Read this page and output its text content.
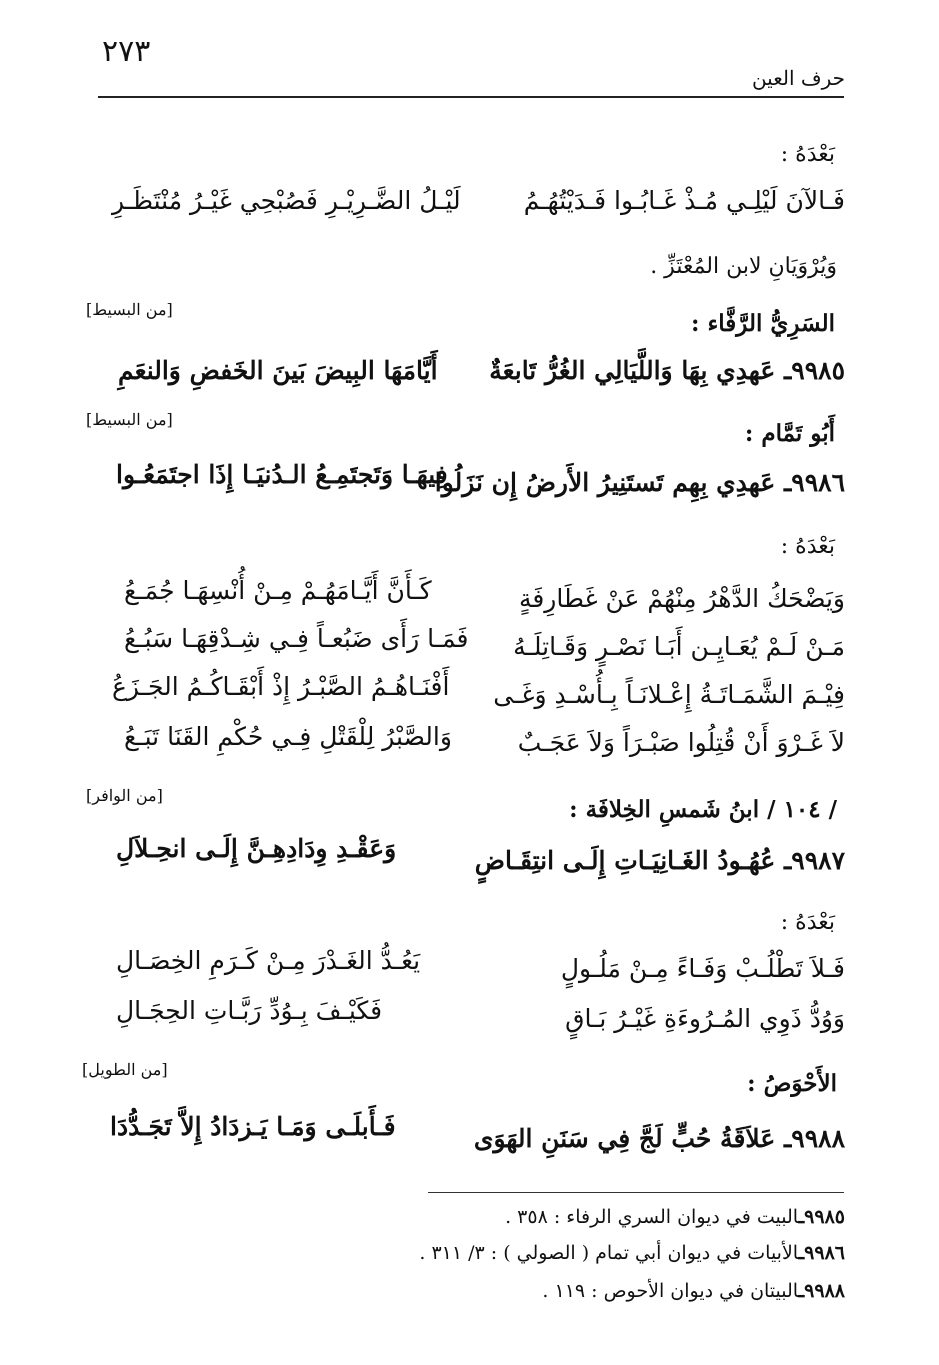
٢٧٣
حرف العين
بَعْدَهُ :
فَـالآنَ لَيْلِـي مُـذْ غَـابُـوا فَـدَيْتُهُـمُ
لَيْـلُ الضَّـرِيْـرِ فَصُبْحِي غَيْـرُ مُنْتَظَـرِ
وَيُرْوَيَانِ لابن المُعْتَزِّ .
[من البسيط]
السَرِيُّ الرَّفَّاء :
٩٩٨٥ـ عَهدِي بِهَا وَاللَّيَالِي الغُرُّ تَابعَةٌ
أَيَّامَهَا البِيضَ بَينَ الخَفضِ وَالنعَمِ
[من البسيط]
أَبُو تَمَّام :
٩٩٨٦ـ عَهدِي بِهِم تَستَنِيرُ الأَرضُ إِن نَزَلُوا
فِيهَـا وَتَجتَمِـعُ الـدُنيَـا إِذَا اجتَمَعُـوا
بَعْدَهُ :
وَيَضْحَكُ الدَّهْرُ مِنْهُمْ عَنْ غَطَارِفَةٍ
كَـأَنَّ أَيَّـامَهُـمْ مِـنْ أُنْسِهَـا جُمَـعُ
مَـنْ لَـمْ يُعَـايِـن أَبَـا نَصْـرٍ وَقَـاتِلَـهُ
فَمَـا رَأَى ضَبُعـاً فِـي شِـدْقِهَـا سَبُـعُ
فِيْـمَ الشَّمَـاتَـةُ إِعْـلانَـاً بِـأُسْـدِ وَغَـى
أَفْنَـاهُـمُ الصَّبْـرُ إِذْ أَبْقَـاكُـمُ الجَـزَعُ
لاَ غَـرْوَ أَنْ قُتِلُوا صَبْـرَاً وَلاَ عَجَـبٌ
وَالصَّبْرُ لِلْقَتْلِ فِـي حُكْمِ القَنَا تَبَـعُ
[من الوافر]
/ ١٠٤ / ابنُ شَمسِ الخِلافَة :
٩٩٨٧ـ عُهُـودُ الغَـانِيَـاتِ إِلَـى انتِقَـاضٍ
وَعَقْـدِ وِدَادِهِـنَّ إِلَـى انحِـلاَلِ
بَعْدَهُ :
فَـلاَ تَطْلُـبْ وَفَـاءً مِـنْ مَلُـولٍ
يَعُـدُّ الغَـدْرَ مِـنْ كَـرَمِ الخِصَـالِ
وَوُدُّ ذَوِي المُـرُوءَةِ غَيْـرُ بَـاقٍ
فَكَيْـفَ بِـوُدِّ رَبَّـاتِ الحِجَـالِ
[من الطويل]
الأَحْوَصُ :
٩٩٨٨ـ عَلاَقَةُ حُبٍّ لَجَّ فِي سَنَنِ الهَوَى
فَـأَبلَـى وَمَـا يَـزدَادُ إِلاَّ تَجَـدُّدَا
٩٩٨٥ـالبيت في ديوان السري الرفاء : ٣٥٨ .
٩٩٨٦ـالأبيات في ديوان أبي تمام ( الصولي ) : ٣/ ٣١١ .
٩٩٨٨ـالبيتان في ديوان الأحوص : ١١٩ .
